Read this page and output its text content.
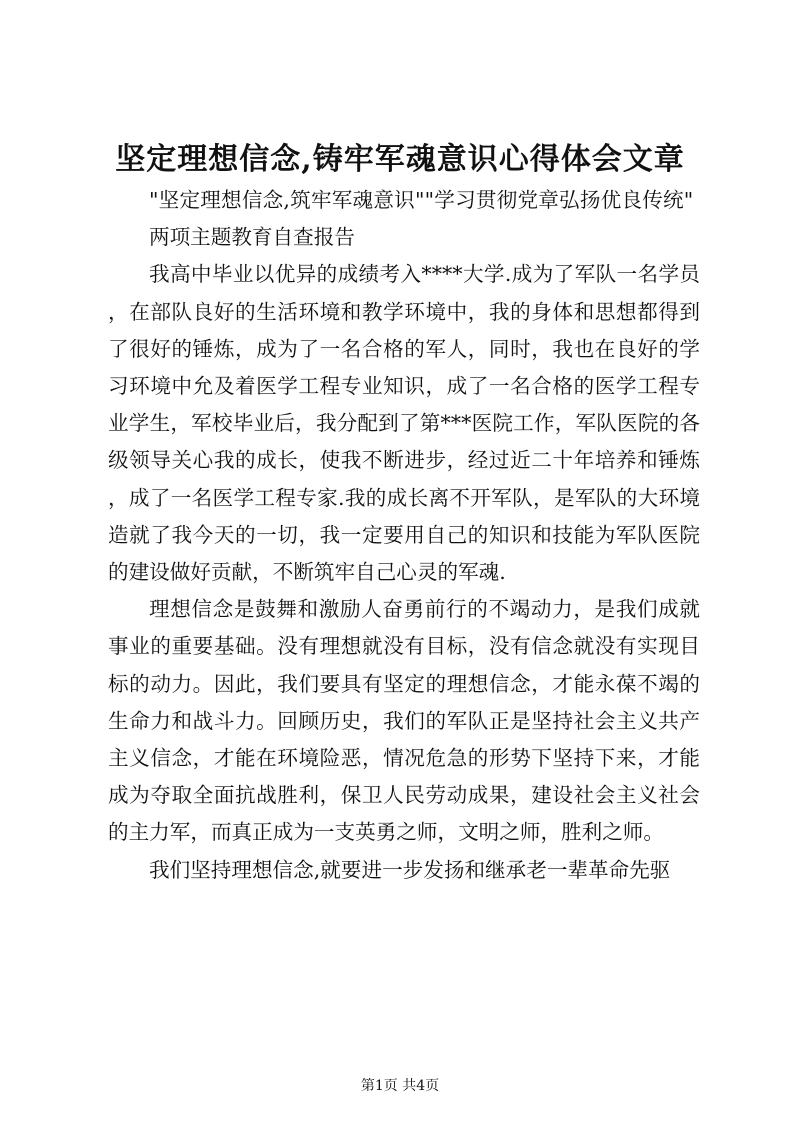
坚定理想信念,铸牢军魂意识心得体会文章

"坚定理想信念,筑牢军魂意识""学习贯彻党章弘扬优良传统"

两项主题教育自查报告

我高中毕业以优异的成绩考入****大学.成为了军队一名学员，在部队良好的生活环境和教学环境中，我的身体和思想都得到了很好的锤炼，成为了一名合格的军人，同时，我也在良好的学习环境中允及着医学工程专业知识，成了一名合格的医学工程专业学生，军校毕业后，我分配到了第***医院工作，军队医院的各级领导关心我的成长，使我不断进步，经过近二十年培养和锤炼，成了一名医学工程专家.我的成长离不开军队，是军队的大环境造就了我今天的一切，我一定要用自己的知识和技能为军队医院的建设做好贡献，不断筑牢自己心灵的军魂.

理想信念是鼓舞和激励人奋勇前行的不竭动力，是我们成就事业的重要基础。没有理想就没有目标，没有信念就没有实现目标的动力。因此，我们要具有坚定的理想信念，才能永葆不竭的生命力和战斗力。回顾历史，我们的军队正是坚持社会主义共产主义信念，才能在环境险恶，情况危急的形势下坚持下来，才能成为夺取全面抗战胜利，保卫人民劳动成果，建设社会主义社会的主力军，而真正成为一支英勇之师，文明之师，胜利之师。

我们坚持理想信念,就要进一步发扬和继承老一辈革命先驱

第1页 共4页
